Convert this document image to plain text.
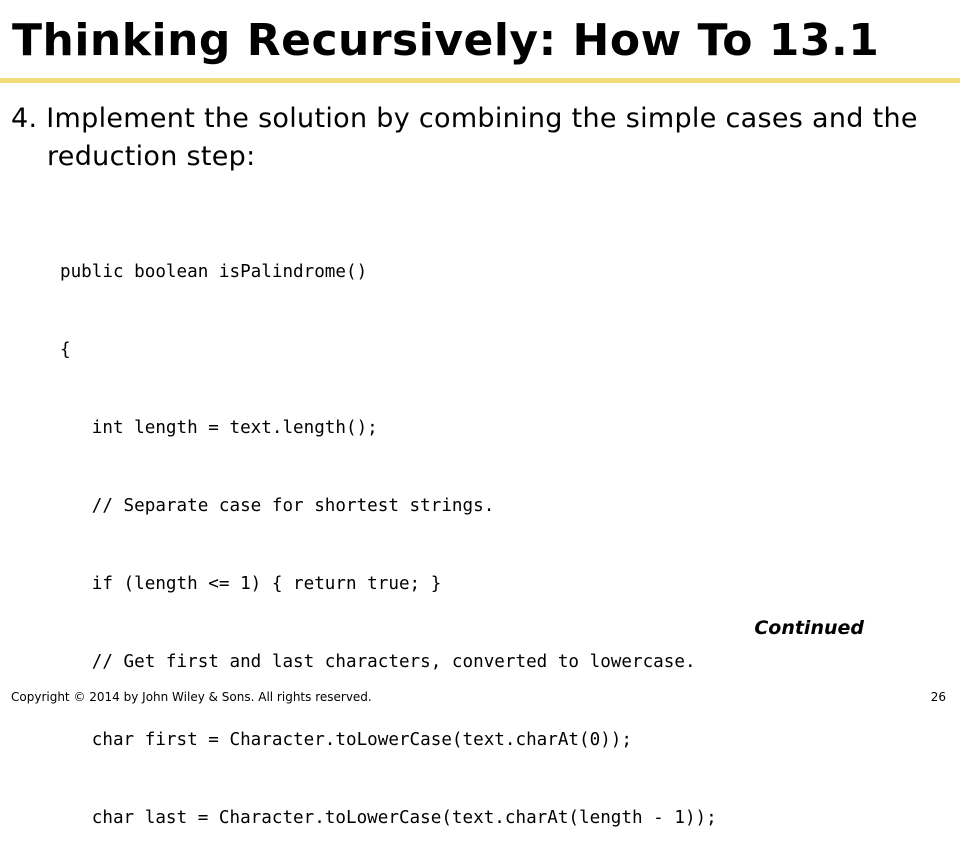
Thinking Recursively: How To 13.1

4. Implement the solution by combining the simple cases and the reduction step:

public boolean isPalindrome()

{

int length = text.length();

// Separate case for shortest strings.

if (length <= 1) { return true; }

// Get first and last characters, converted to lowercase.

char first = Character.toLowerCase(text.charAt(0));

char last = Character.toLowerCase(text.charAt(length - 1));

Continued
Copyright © 2014 by John Wiley & Sons. All rights reserved.	26
